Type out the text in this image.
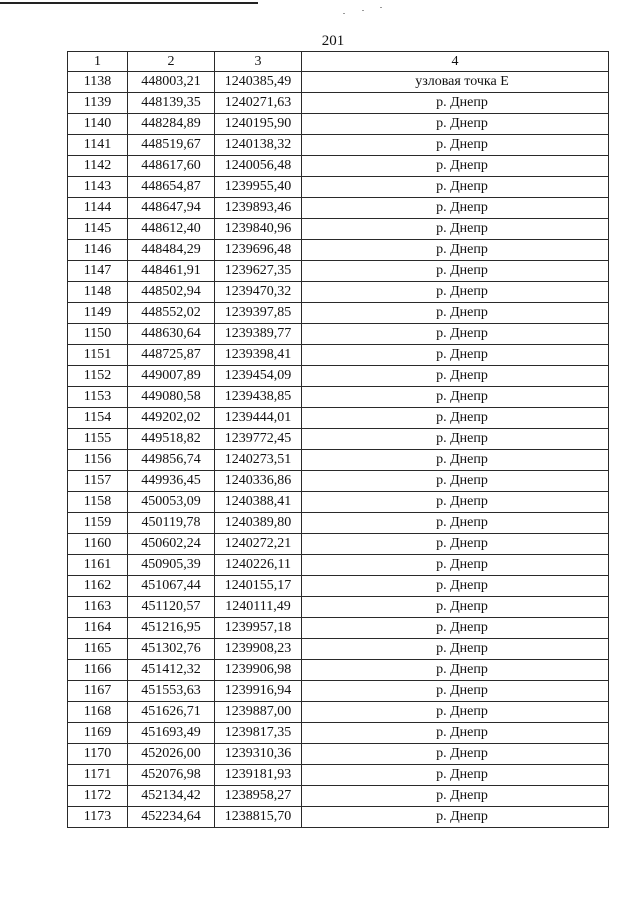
201
1	2	3	4
1138	448003,21	1240385,49	узловая точка Е
1139	448139,35	1240271,63	р. Днепр
1140	448284,89	1240195,90	р. Днепр
1141	448519,67	1240138,32	р. Днепр
1142	448617,60	1240056,48	р. Днепр
1143	448654,87	1239955,40	р. Днепр
1144	448647,94	1239893,46	р. Днепр
1145	448612,40	1239840,96	р. Днепр
1146	448484,29	1239696,48	р. Днепр
1147	448461,91	1239627,35	р. Днепр
1148	448502,94	1239470,32	р. Днепр
1149	448552,02	1239397,85	р. Днепр
1150	448630,64	1239389,77	р. Днепр
1151	448725,87	1239398,41	р. Днепр
1152	449007,89	1239454,09	р. Днепр
1153	449080,58	1239438,85	р. Днепр
1154	449202,02	1239444,01	р. Днепр
1155	449518,82	1239772,45	р. Днепр
1156	449856,74	1240273,51	р. Днепр
1157	449936,45	1240336,86	р. Днепр
1158	450053,09	1240388,41	р. Днепр
1159	450119,78	1240389,80	р. Днепр
1160	450602,24	1240272,21	р. Днепр
1161	450905,39	1240226,11	р. Днепр
1162	451067,44	1240155,17	р. Днепр
1163	451120,57	1240111,49	р. Днепр
1164	451216,95	1239957,18	р. Днепр
1165	451302,76	1239908,23	р. Днепр
1166	451412,32	1239906,98	р. Днепр
1167	451553,63	1239916,94	р. Днепр
1168	451626,71	1239887,00	р. Днепр
1169	451693,49	1239817,35	р. Днепр
1170	452026,00	1239310,36	р. Днепр
1171	452076,98	1239181,93	р. Днепр
1172	452134,42	1238958,27	р. Днепр
1173	452234,64	1238815,70	р. Днепр
